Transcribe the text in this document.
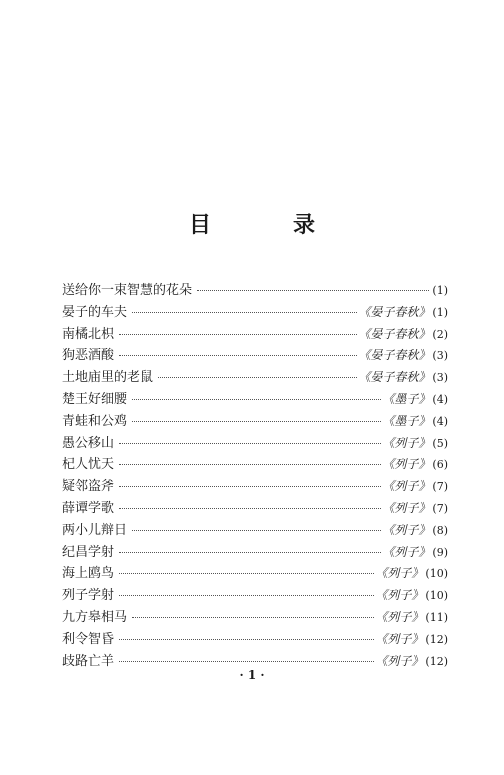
目　录
送给你一束智慧的花朵	(1)
晏子的车夫	《晏子春秋》 (1)
南橘北枳	《晏子春秋》 (2)
狗恶酒酸	《晏子春秋》 (3)
土地庙里的老鼠	《晏子春秋》 (3)
楚王好细腰	《墨子》 (4)
青蛙和公鸡	《墨子》 (4)
愚公移山	《列子》 (5)
杞人忧天	《列子》 (6)
疑邻盗斧	《列子》 (7)
薛谭学歌	《列子》 (7)
两小儿辩日	《列子》 (8)
纪昌学射	《列子》 (9)
海上鸥鸟	《列子》 (10)
列子学射	《列子》 (10)
九方皋相马	《列子》 (11)
利令智昏	《列子》 (12)
歧路亡羊	《列子》 (12)
· 1 ·
